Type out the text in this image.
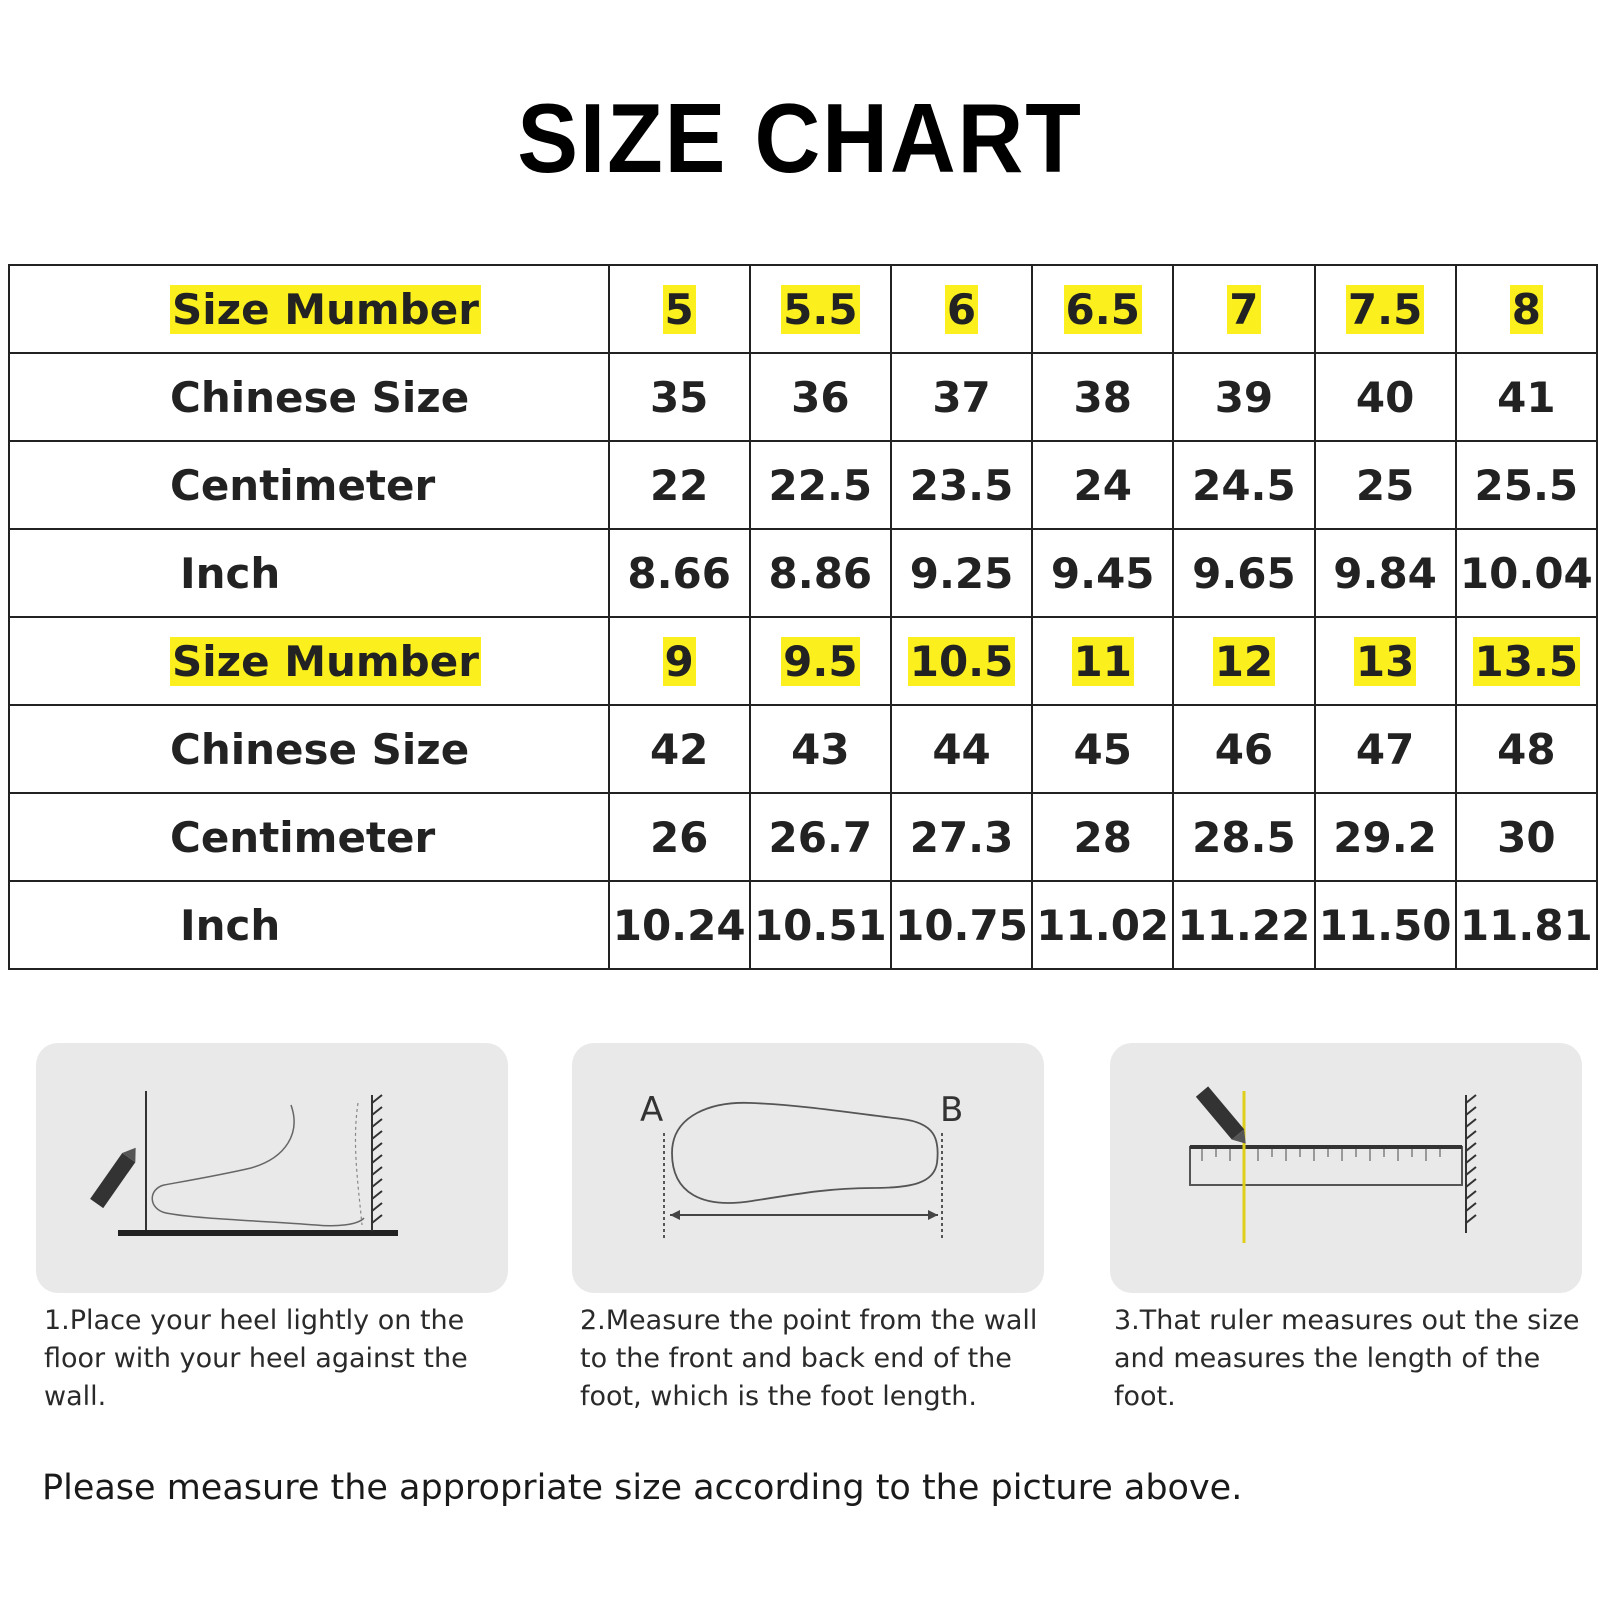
SIZE CHART
Size Mumber	5	5.5	6	6.5	7	7.5	8
Chinese Size	35	36	37	38	39	40	41
Centimeter	22	22.5	23.5	24	24.5	25	25.5
Inch	8.66	8.86	9.25	9.45	9.65	9.84	10.04
Size Mumber	9	9.5	10.5	11	12	13	13.5
Chinese Size	42	43	44	45	46	47	48
Centimeter	26	26.7	27.3	28	28.5	29.2	30
Inch	10.24	10.51	10.75	11.02	11.22	11.50	11.81
1.Place your heel lightly on the floor with your heel against the wall.
A	B
2.Measure the point from the wall to the front and back end of the foot, which is the foot length.
3.That ruler measures out the size and measures the length of the foot.
Please measure the appropriate size according to the picture above.
